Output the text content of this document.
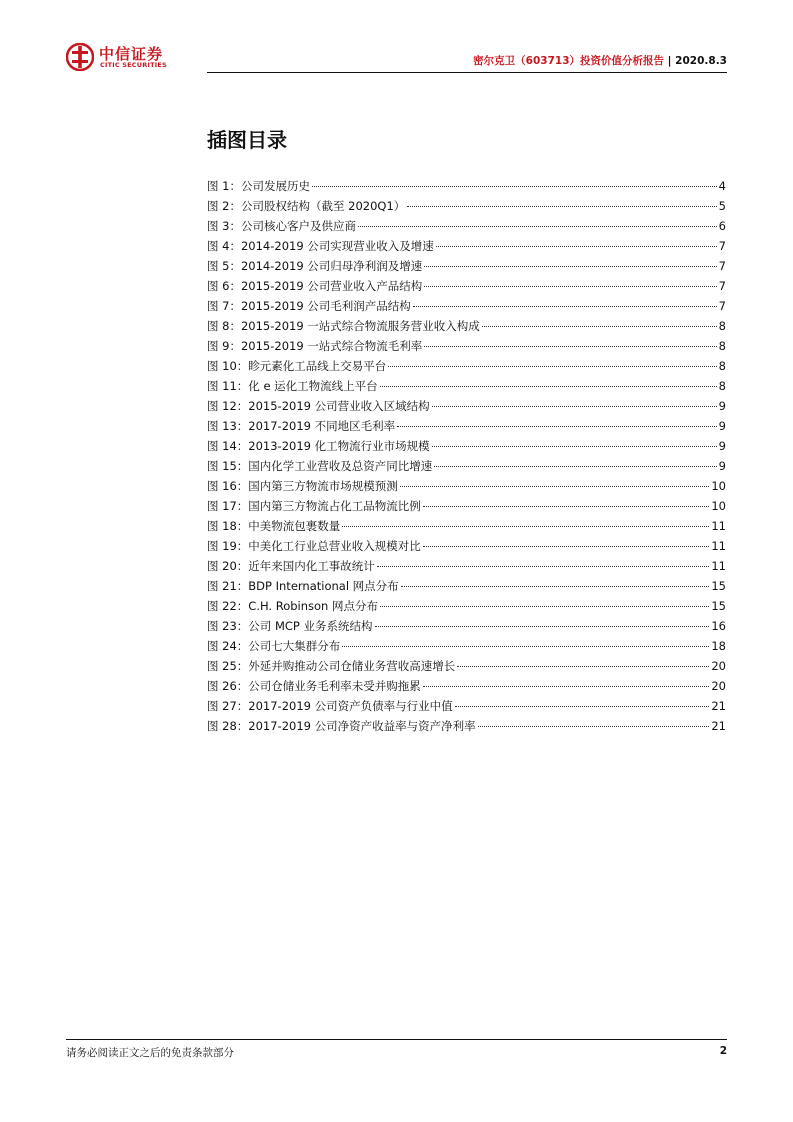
中信证券
CITIC SECURITIES	密尔克卫（603713）投资价值分析报告 | 2020.8.3
插图目录
图 1：公司发展历史	4
图 2：公司股权结构（截至 2020Q1）	5
图 3：公司核心客户及供应商	6
图 4：2014-2019 公司实现营业收入及增速	7
图 5：2014-2019 公司归母净利润及增速	7
图 6：2015-2019 公司营业收入产品结构	7
图 7：2015-2019 公司毛利润产品结构	7
图 8：2015-2019 一站式综合物流服务营业收入构成	8
图 9：2015-2019 一站式综合物流毛利率	8
图 10：眕元素化工品线上交易平台	8
图 11：化 e 运化工物流线上平台	8
图 12：2015-2019 公司营业收入区域结构	9
图 13：2017-2019 不同地区毛利率	9
图 14：2013-2019 化工物流行业市场规模	9
图 15：国内化学工业营收及总资产同比增速	9
图 16：国内第三方物流市场规模预测	10
图 17：国内第三方物流占化工品物流比例	10
图 18：中美物流包裹数量	11
图 19：中美化工行业总营业收入规模对比	11
图 20：近年来国内化工事故统计	11
图 21：BDP International 网点分布	15
图 22：C.H. Robinson 网点分布	15
图 23：公司 MCP 业务系统结构	16
图 24：公司七大集群分布	18
图 25：外延并购推动公司仓储业务营收高速增长	20
图 26：公司仓储业务毛利率未受并购拖累	20
图 27：2017-2019 公司资产负债率与行业中值	21
图 28：2017-2019 公司净资产收益率与资产净利率	21
请务必阅读正文之后的免责条款部分	2
